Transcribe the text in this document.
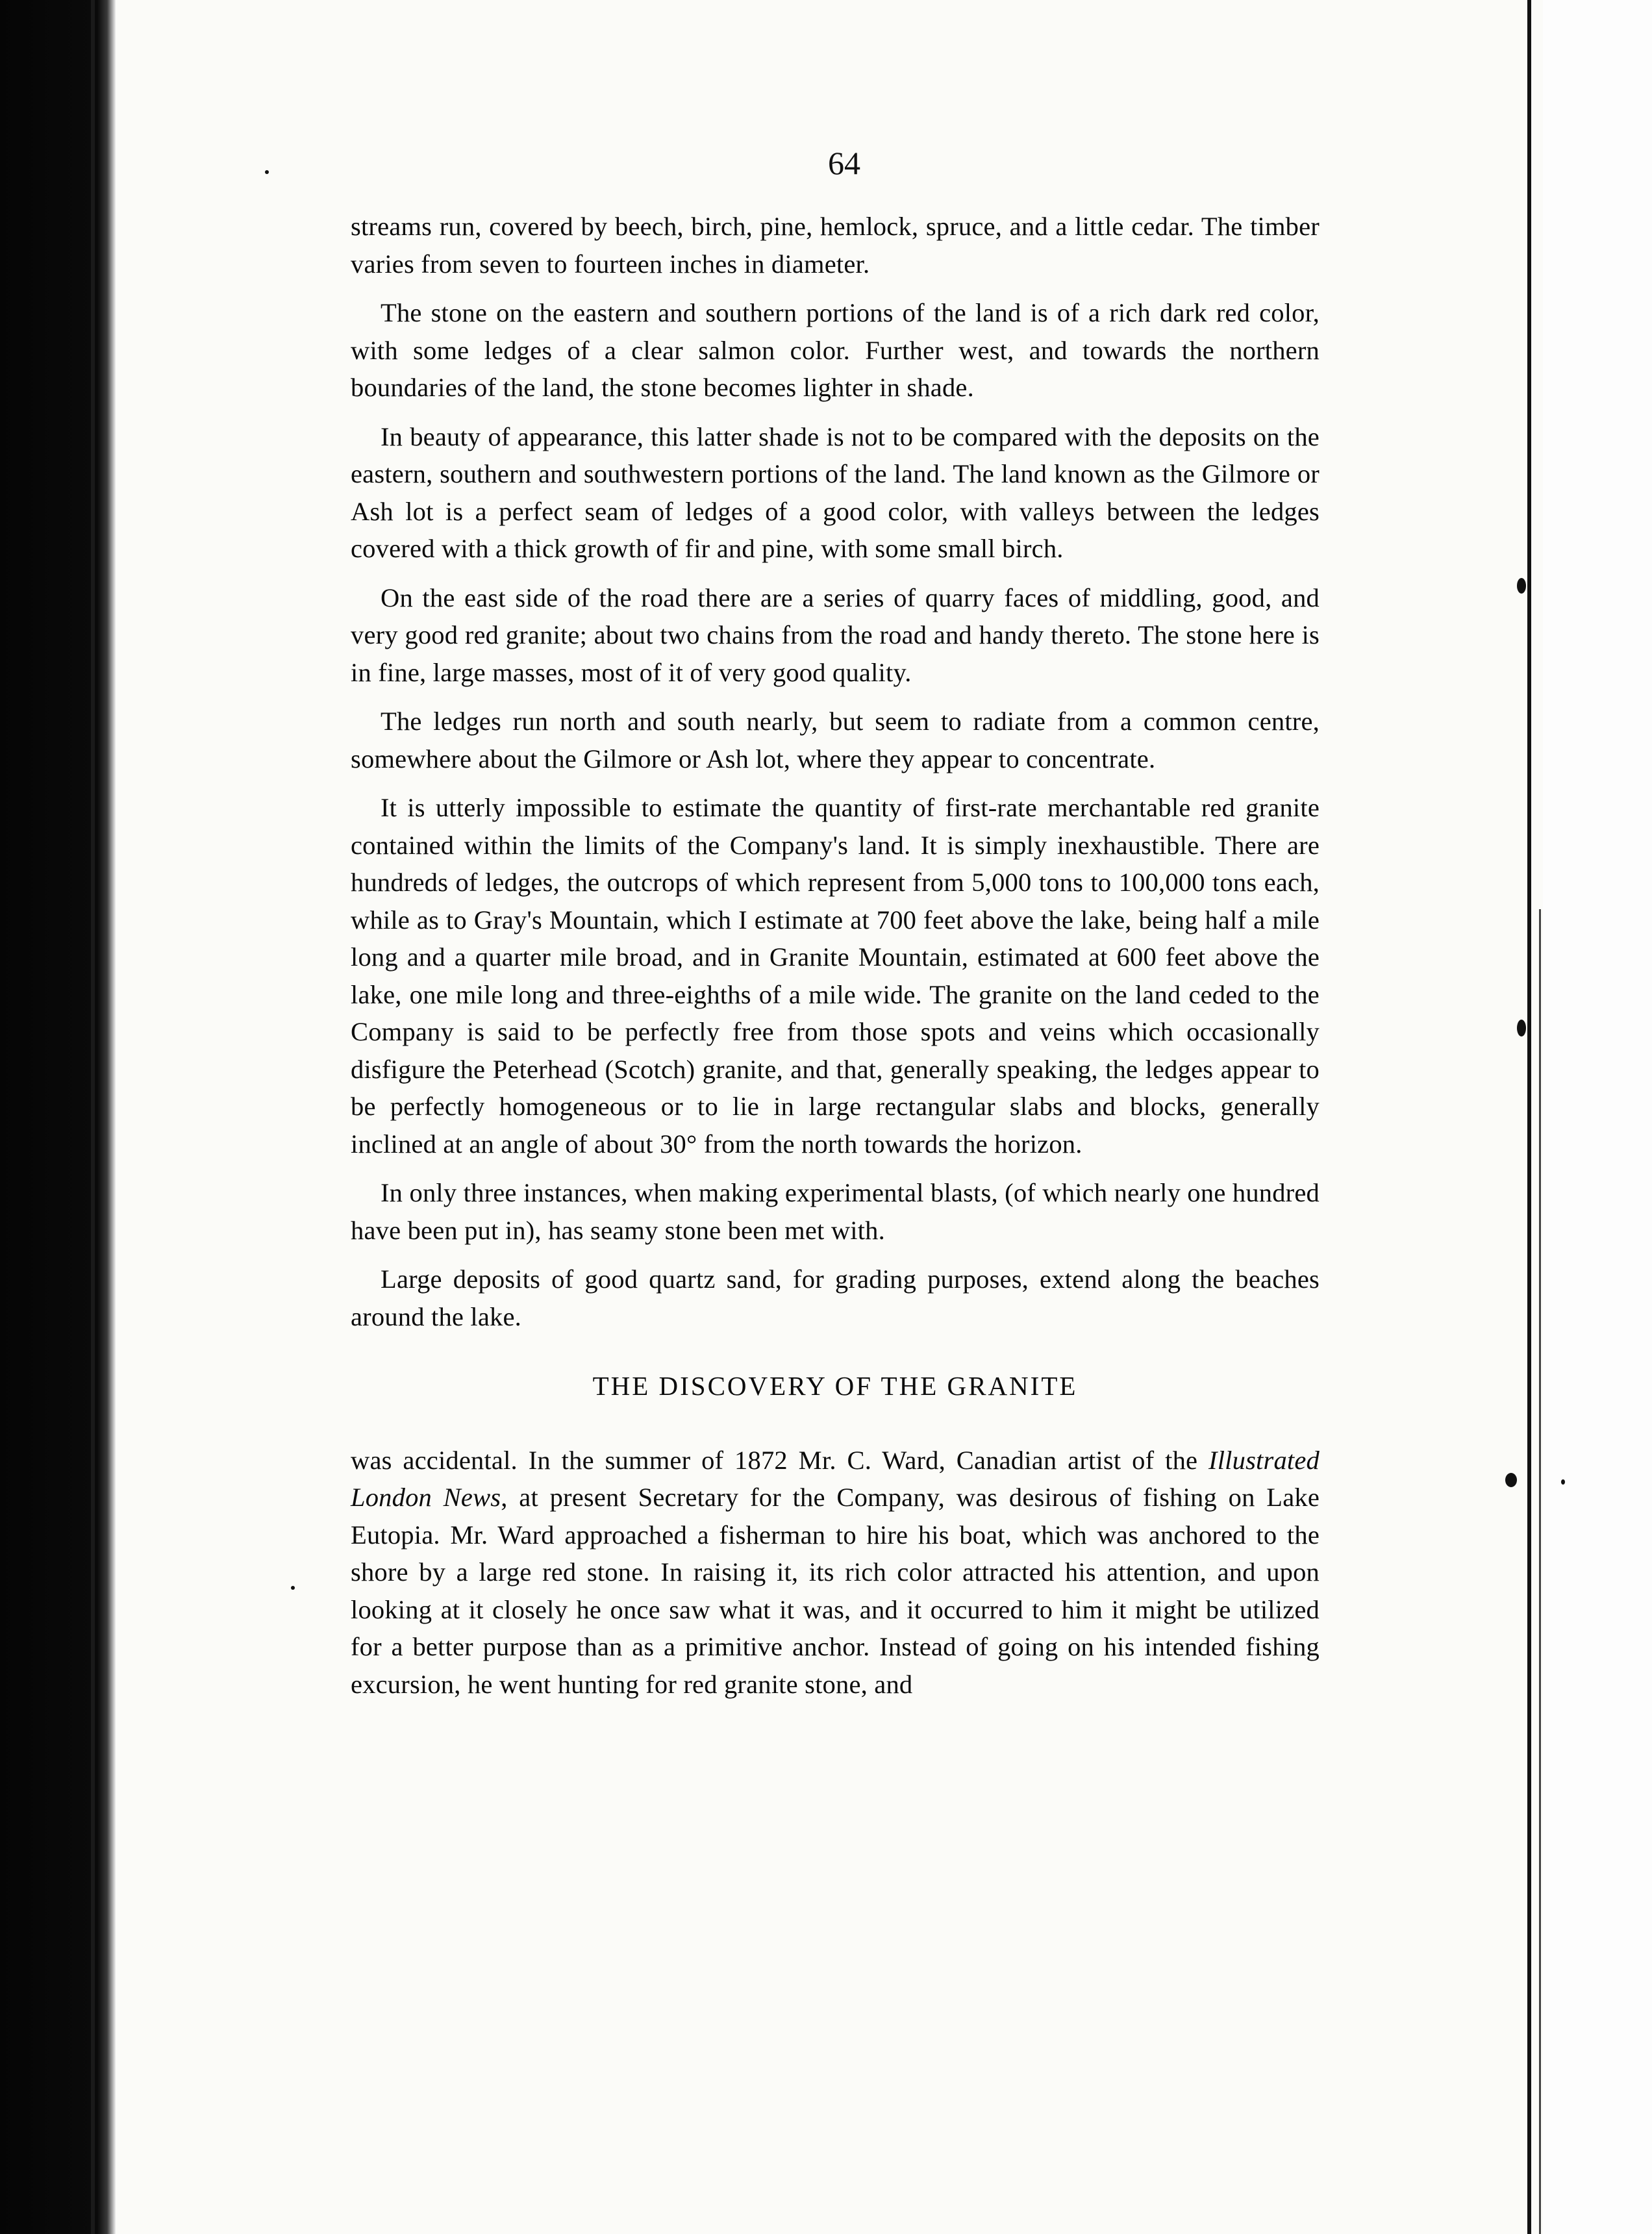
64

streams run, covered by beech, birch, pine, hemlock, spruce, and a little cedar. The timber varies from seven to fourteen inches in diameter.

The stone on the eastern and southern portions of the land is of a rich dark red color, with some ledges of a clear salmon color. Further west, and towards the northern boundaries of the land, the stone becomes lighter in shade.

In beauty of appearance, this latter shade is not to be compared with the deposits on the eastern, southern and southwestern portions of the land. The land known as the Gilmore or Ash lot is a perfect seam of ledges of a good color, with valleys between the ledges covered with a thick growth of fir and pine, with some small birch.

On the east side of the road there are a series of quarry faces of middling, good, and very good red granite; about two chains from the road and handy thereto. The stone here is in fine, large masses, most of it of very good quality.

The ledges run north and south nearly, but seem to radiate from a common centre, somewhere about the Gilmore or Ash lot, where they appear to concentrate.

It is utterly impossible to estimate the quantity of first-rate merchantable red granite contained within the limits of the Company's land. It is simply inexhaustible. There are hundreds of ledges, the outcrops of which represent from 5,000 tons to 100,000 tons each, while as to Gray's Mountain, which I estimate at 700 feet above the lake, being half a mile long and a quarter mile broad, and in Granite Mountain, estimated at 600 feet above the lake, one mile long and three-eighths of a mile wide. The granite on the land ceded to the Company is said to be perfectly free from those spots and veins which occasionally disfigure the Peterhead (Scotch) granite, and that, generally speaking, the ledges appear to be perfectly homogeneous or to lie in large rectangular slabs and blocks, generally inclined at an angle of about 30° from the north towards the horizon.

In only three instances, when making experimental blasts, (of which nearly one hundred have been put in), has seamy stone been met with.

Large deposits of good quartz sand, for grading purposes, extend along the beaches around the lake.

THE DISCOVERY OF THE GRANITE

was accidental. In the summer of 1872 Mr. C. Ward, Canadian artist of the Illustrated London News, at present Secretary for the Company, was desirous of fishing on Lake Eutopia. Mr. Ward approached a fisherman to hire his boat, which was anchored to the shore by a large red stone. In raising it, its rich color attracted his attention, and upon looking at it closely he once saw what it was, and it occurred to him it might be utilized for a better purpose than as a primitive anchor. Instead of going on his intended fishing excursion, he went hunting for red granite stone, and
